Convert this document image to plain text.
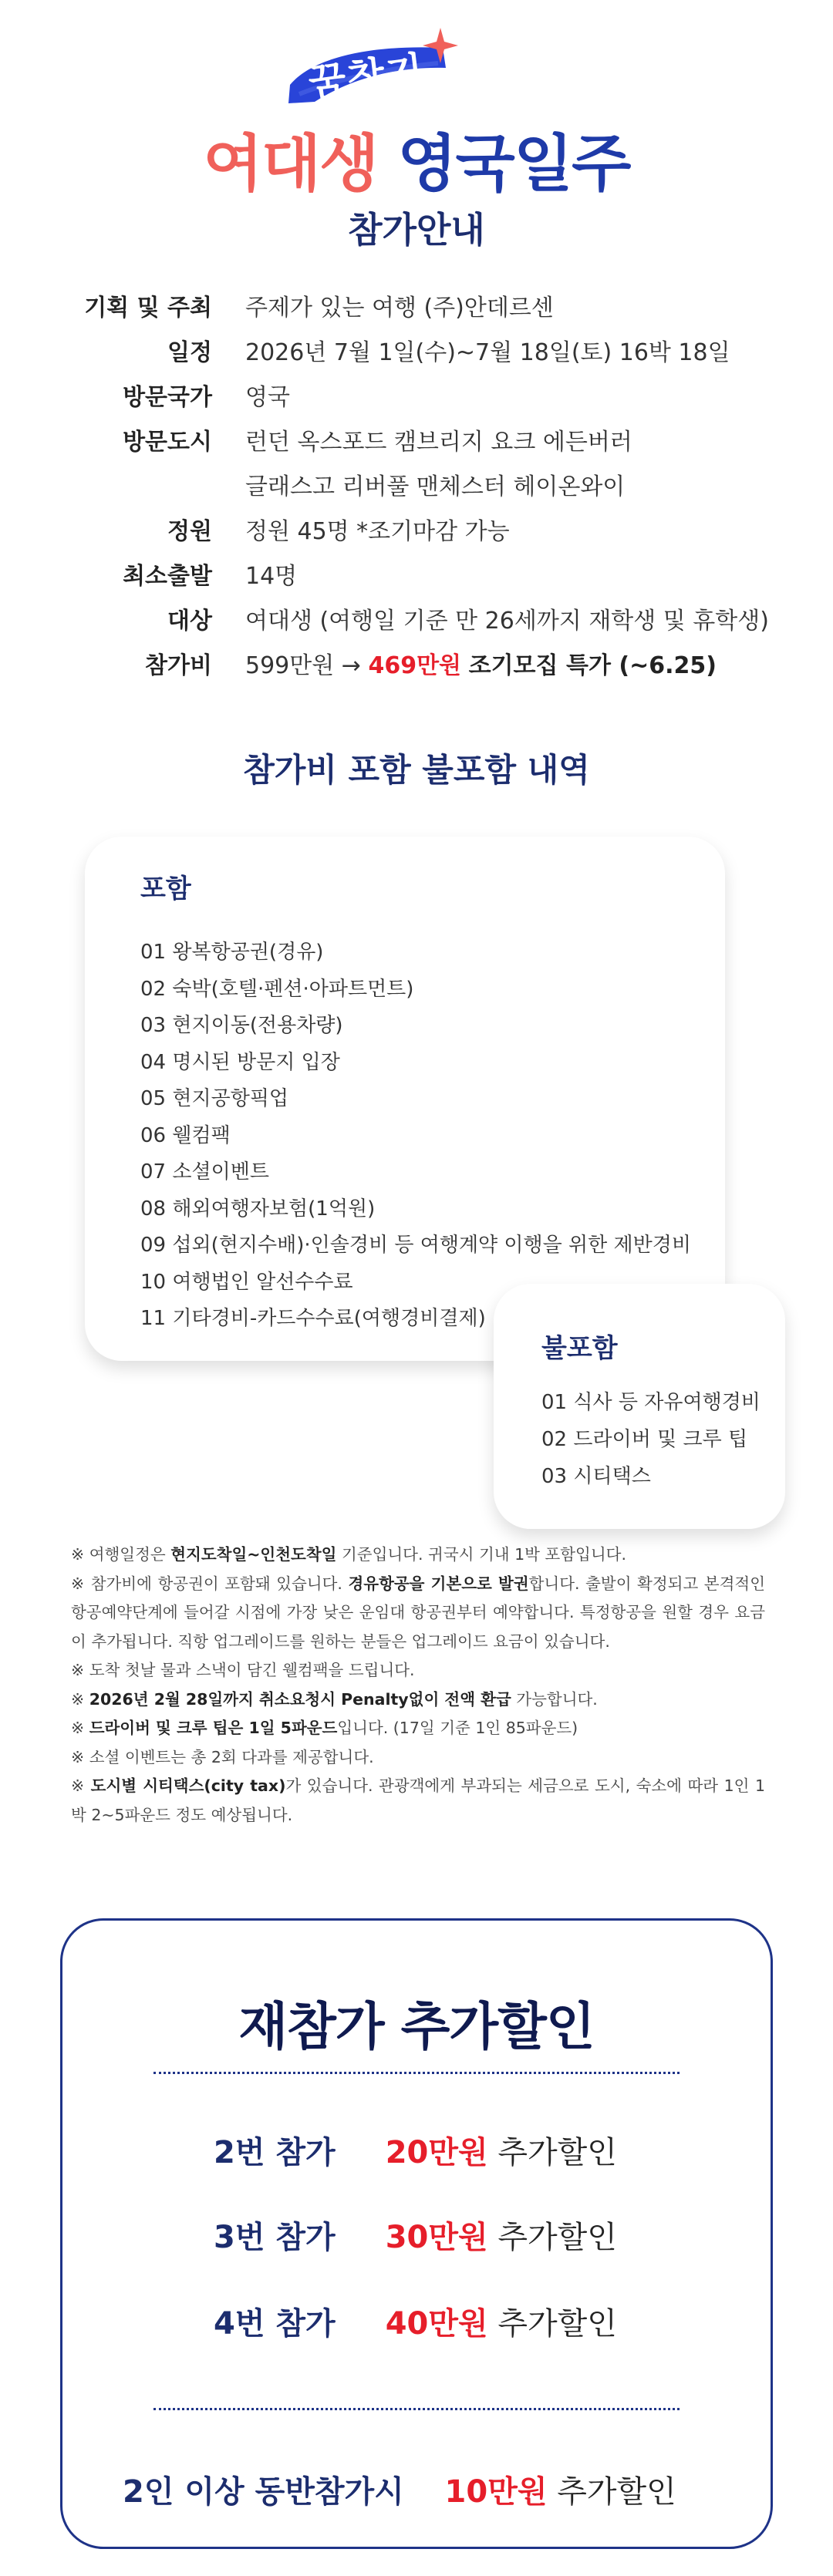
꿈찾기
여대생 영국일주
참가안내
기획 및 주최 주제가 있는 여행 (주)안데르센
일정 2026년 7월 1일(수)~7월 18일(토) 16박 18일
방문국가 영국
방문도시 런던 옥스포드 캠브리지 요크 에든버러
글래스고 리버풀 맨체스터 헤이온와이
정원 정원 45명 *조기마감 가능
최소출발 14명
대상 여대생 (여행일 기준 만 26세까지 재학생 및 휴학생)
참가비 599만원 → 469만원 조기모집 특가 (~6.25)
참가비 포함 불포함 내역
포함
01 왕복항공권(경유)
02 숙박(호텔·펜션·아파트먼트)
03 현지이동(전용차량)
04 명시된 방문지 입장
05 현지공항픽업
06 웰컴팩
07 소셜이벤트
08 해외여행자보험(1억원)
09 섭외(현지수배)·인솔경비 등 여행계약 이행을 위한 제반경비
10 여행법인 알선수수료
11 기타경비-카드수수료(여행경비결제)
불포함
01 식사 등 자유여행경비
02 드라이버 및 크루 팁
03 시티택스

※ 여행일정은 현지도착일~인천도착일 기준입니다. 귀국시 기내 1박 포함입니다.

※ 참가비에 항공권이 포함돼 있습니다. 경유항공을 기본으로 발권합니다. 출발이 확정되고 본격적인 항공예약단계에 들어갈 시점에 가장 낮은 운임대 항공권부터 예약합니다. 특정항공을 원할 경우 요금이 추가됩니다. 직항 업그레이드를 원하는 분들은 업그레이드 요금이 있습니다.

※ 도착 첫날 물과 스낵이 담긴 웰컴팩을 드립니다.

※ 2026년 2월 28일까지 취소요청시 Penalty없이 전액 환급 가능합니다.

※ 드라이버 및 크루 팁은 1일 5파운드입니다. (17일 기준 1인 85파운드)

※ 소셜 이벤트는 총 2회 다과를 제공합니다.

※ 도시별 시티택스(city tax)가 있습니다. 관광객에게 부과되는 세금으로 도시, 숙소에 따라 1인 1박 2~5파운드 정도 예상됩니다.

재참가 추가할인
2번 참가 20만원 추가할인
3번 참가 30만원 추가할인
4번 참가 40만원 추가할인
2인 이상 동반참가시 10만원 추가할인
